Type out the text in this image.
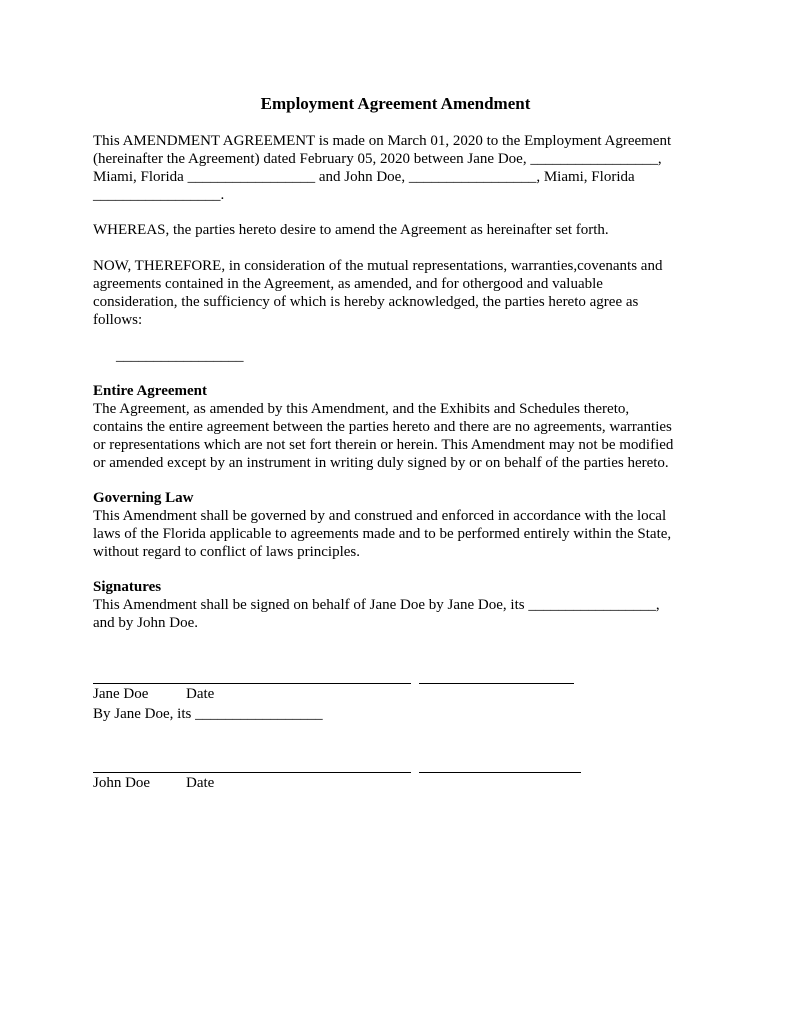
Employment Agreement Amendment

This AMENDMENT AGREEMENT is made on March 01, 2020 to the Employment Agreement
(hereinafter the Agreement) dated February 05, 2020 between Jane Doe, _________________,
Miami, Florida _________________ and John Doe, _________________, Miami, Florida
_________________.

WHEREAS, the parties hereto desire to amend the Agreement as hereinafter set forth.

NOW, THEREFORE, in consideration of the mutual representations, warranties,covenants and
agreements contained in the Agreement, as amended, and for othergood and valuable
consideration, the sufficiency of which is hereby acknowledged, the parties hereto agree as
follows:

_________________

Entire Agreement
The Agreement, as amended by this Amendment, and the Exhibits and Schedules thereto,
contains the entire agreement between the parties hereto and there are no agreements, warranties
or representations which are not set fort therein or herein. This Amendment may not be modified
or amended except by an instrument in writing duly signed by or on behalf of the parties hereto.
Governing Law
This Amendment shall be governed by and construed and enforced in accordance with the local
laws of the Florida applicable to agreements made and to be performed entirely within the State,
without regard to conflict of laws principles.
Signatures
This Amendment shall be signed on behalf of Jane Doe by Jane Doe, its _________________,
and by John Doe.
Jane Doe	Date
By Jane Doe, its _________________
John Doe Date
